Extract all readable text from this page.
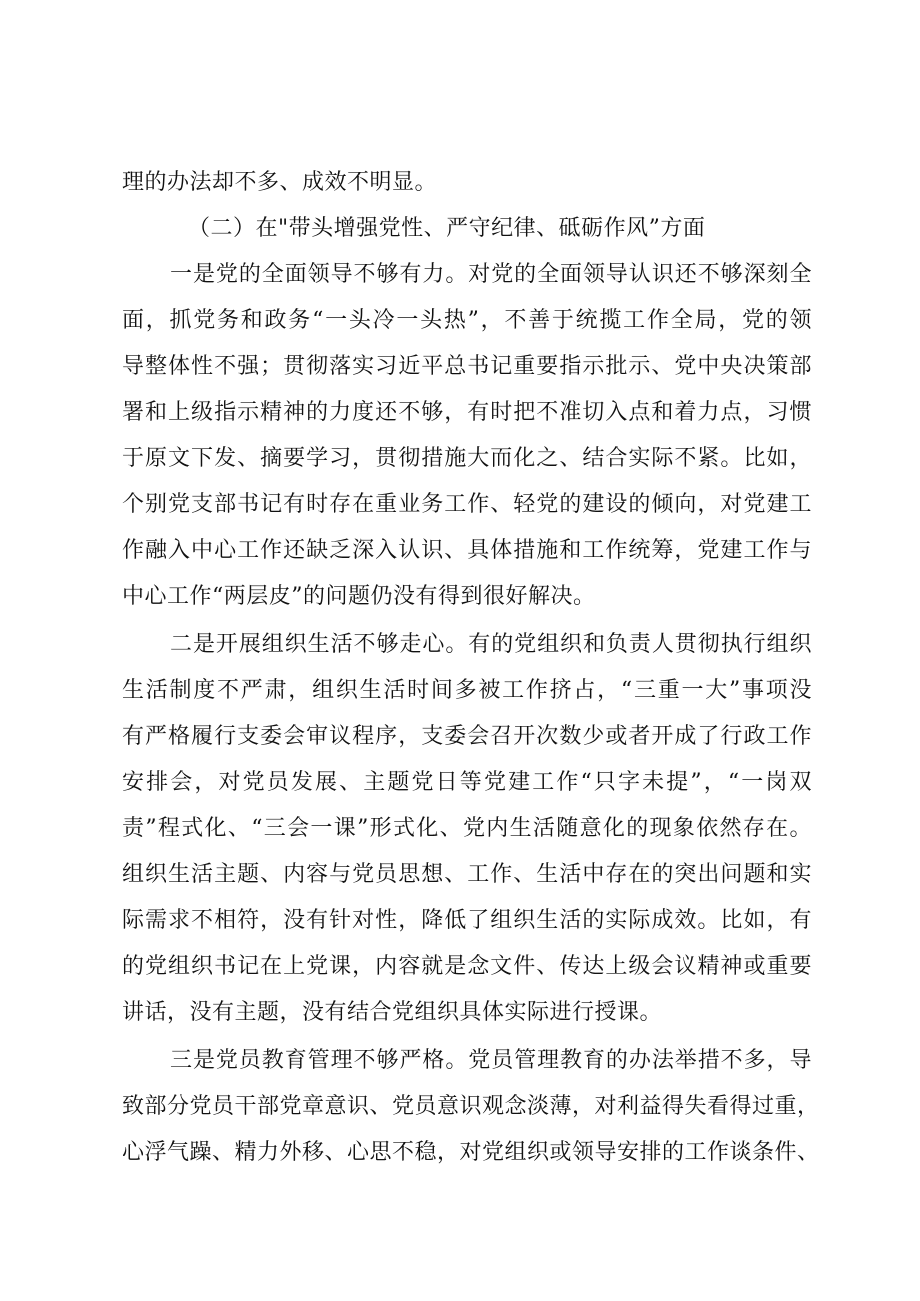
理的办法却不多、成效不明显。
（二）在"带头增强党性、严守纪律、砥砺作风”方面
一是党的全面领导不够有力。对党的全面领导认识还不够深刻全
面，抓党务和政务“一头冷一头热”，不善于统揽工作全局，党的领
导整体性不强；贯彻落实习近平总书记重要指示批示、党中央决策部
署和上级指示精神的力度还不够，有时把不准切入点和着力点，习惯
于原文下发、摘要学习，贯彻措施大而化之、结合实际不紧。比如，
个别党支部书记有时存在重业务工作、轻党的建设的倾向，对党建工
作融入中心工作还缺乏深入认识、具体措施和工作统筹，党建工作与
中心工作“两层皮”的问题仍没有得到很好解决。
二是开展组织生活不够走心。有的党组织和负责人贯彻执行组织
生活制度不严肃，组织生活时间多被工作挤占，“三重一大”事项没
有严格履行支委会审议程序，支委会召开次数少或者开成了行政工作
安排会，对党员发展、主题党日等党建工作“只字未提”，“一岗双
责”程式化、“三会一课”形式化、党内生活随意化的现象依然存在。
组织生活主题、内容与党员思想、工作、生活中存在的突出问题和实
际需求不相符，没有针对性，降低了组织生活的实际成效。比如，有
的党组织书记在上党课，内容就是念文件、传达上级会议精神或重要
讲话，没有主题，没有结合党组织具体实际进行授课。
三是党员教育管理不够严格。党员管理教育的办法举措不多，导
致部分党员干部党章意识、党员意识观念淡薄，对利益得失看得过重，
心浮气躁、精力外移、心思不稳，对党组织或领导安排的工作谈条件、
